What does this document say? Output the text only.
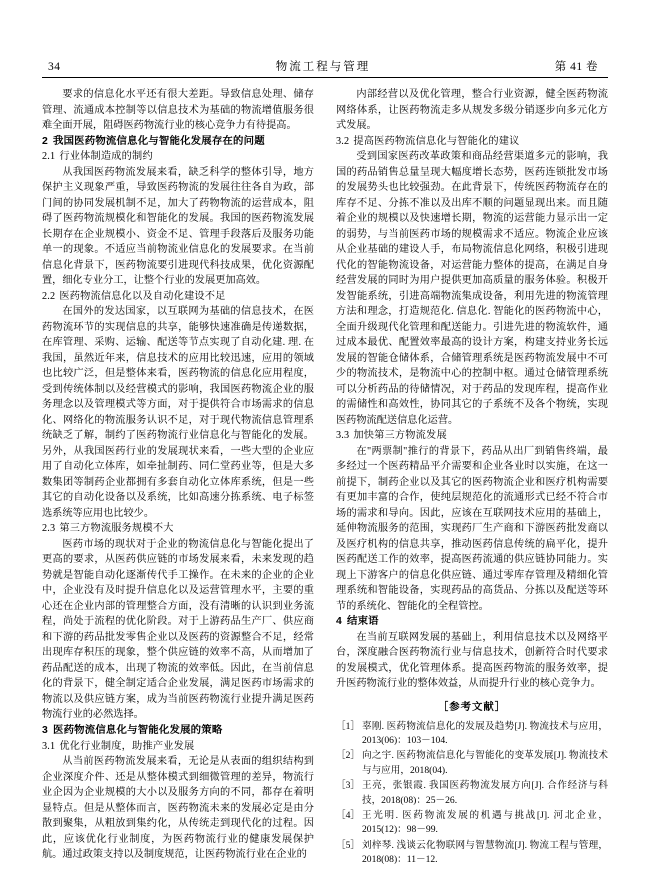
34	物流工程与管理	第 41 卷

要求的信息化水平还有很大差距。导致信息处理、储存管理、流通成本控制等以信息技术为基础的物流增值服务很难全面开展，阻碍医药物流行业的核心竞争力有待提高。

2 我国医药物流信息化与智能化发展存在的问题

2.1 行业体制造成的制约

从我国医药物流发展来看，缺乏科学的整体引导，地方保护主义现象严重，导致医药物流的发展往往各自为政，部门间的协同发展机制不足，加大了药物物流的运营成本，阻碍了医药物流规模化和智能化的发展。我国的医药物流发展长期存在企业规模小、资金不足、管理手段落后及服务功能单一的现象。不适应当前物流业信息化的发展要求。在当前信息化背景下，医药物流要引进现代科技成果，优化资源配置，细化专业分工，让整个行业的发展更加高效。

2.2 医药物流信息化以及自动化建设不足

在国外的发达国家，以互联网为基础的信息技术，在医药物流环节的实现信息的共享，能够快速准确是传递数据，在库管理、采购、运输、配送等节点实现了自动化建. 理. 在我国，虽然近年来，信息技术的应用比较迅速，应用的领域也比较广泛，但是整体来看，医药物流的信息化应用程度，受到传统体制以及经营模式的影响，我国医药物流企业的服务理念以及管理模式等方面，对于提供符合市场需求的信息化、网络化的物流服务认识不足，对于现代物流信息管理系统缺乏了解，制约了医药物流行业信息化与智能化的发展。另外，从我国医药行业的发展现状来看，一些大型的企业应用了自动化立体库，如牵扯制药、同仁堂药业等，但是大多数集团等制药企业都拥有多套自动化立体库系统，但是一些其它的自动化设备以及系统，比如高速分拣系统、电子标签选系统等应用也比较少。

2.3 第三方物流服务规模不大

医药市场的现状对于企业的物流信息化与智能化提出了更高的要求，从医药供应链的市场发展来看，未来发现的趋势就是智能自动化逐渐传代手工操作。在未来的企业的企业中，企业没有及时提升信息化以及运营管理水平，主要的重心还在企业内部的管理整合方面，没有清晰的认识到业务流程，尚处于流程的优化阶段。对于上游药品生产厂、供应商和下游的药品批发零售企业以及医药的资源整合不足，经常出现库存积压的现象，整个供应链的效率不高，从而增加了药品配送的成本，出现了物流的效率低。因此，在当前信息化的背景下，健全制定适合企业发展，满足医药市场需求的物流以及供应链方案，成为当前医药物流行业提升满足医药物流行业的必然选择。

3 医药物流信息化与智能化发展的策略

3.1 优化行业制度，助推产业发展

从当前医药物流发展来看，无论是从表面的组织结构到企业深度介件、还是从整体模式到细微管理的差异，物流行业企因为企业规模的大小以及服务方向的不同，都存在着明显特点。但是从整体而言，医药物流未来的发展必定是由分散到聚集，从粗放到集约化，从传统走到现代化的过程。因此，应该优化行业制度，为医药物流行业的健康发展保护航。通过政策支持以及制度规范，让医药物流行业在企业的

内部经营以及优化管理，整合行业资源，健全医药物流网络体系，让医药物流走多从规发多级分销逐步向多元化方式发展。

3.2 提高医药物流信息化与智能化的建议

受到国家医药改革政策和商品经营渠道多元的影响，我国的药品销售总量呈现大幅度增长态势，医药连锁批发市场的发展势头也比较强劲。在此背景下，传统医药物流存在的库存不足、分拣不准以及出库不顺的问题显现出来。而且随着企业的规模以及快速增长期，物流的运营能力显示出一定的弱势，与当前医药市场的规模需求不适应。物流企业应该从企业基础的建设人手，布局物流信息化网络，积极引进现代化的智能物流设备，对运营能力整体的提高，在满足自身经营发展的同时为用户提供更加高质量的服务体验。积极开发智能系统，引进高端物流集成设备，利用先进的物流管理方法和理念，打造规范化. 信息化. 智能化的医药物流中心，全面升级现代化管理和配送能力。引进先进的物流软件，通过成本最优、配置效率最高的设计方案，构建支持业务长远发展的智能仓储体系，合储管理系统是医药物流发展中不可少的物流技术，是物流中心的控制中枢。通过仓储管理系统可以分析药品的待储情况，对于药品的发现库程，提高作业的需储性和高效性，协同其它的子系统不及各个物统，实现医药物流配送信息化运营。

3.3 加快第三方物流发展

在"两票制"推行的背景下，药品从出厂到销售终端，最多经过一个医药精品平介需要和企业各业时以实施，在这一前提下，制药企业以及其它的医药物流企业和医疗机构需要有更加丰富的合作，使纯层规范化的流通形式已经不符合市场的需求和导向。因此，应该在互联网技术应用的基础上，延伸物流服务的范围，实现药厂生产商和下游医药批发商以及医疗机构的信息共享，推动医药信息传统的扁平化，提升医药配送工作的效率，提高医药流通的供应链协同能力。实现上下游客户的信息化供应链、通过零库存管理及精细化管理系统和智能设备，实现药品的高货品、分拣以及配送等环节的系统化、智能化的全程管控。

4 结束语

在当前互联网发展的基础上，利用信息技术以及网络平台，深度融合医药物流行业与信息技术，创新符合时代要求的发展模式，优化管理体系。提高医药物流的服务效率，提升医药物流行业的整体效益，从而提升行业的核心竞争力。

［参考文献］
［1］ 辜刚. 医药物流信息化的发展及趋势[J]. 物流技术与应用，2013(06)：103－104.
［2］ 向之宇. 医药物流信息化与智能化的变革发展[J]. 物流技术与与应用，2018(04).
［3］ 王亮，张银霞. 我国医药物流发展方向[J]. 合作经济与科技，2018(08)：25－26.
［4］ 王光明. 医药物流发展的机遇与挑战[J]. 河北企业，2015(12)：98－99.
［5］ 刘梓琴. 浅谈云化物联网与智慧物流[J]. 物流工程与管理，2018(08)：11－12.
